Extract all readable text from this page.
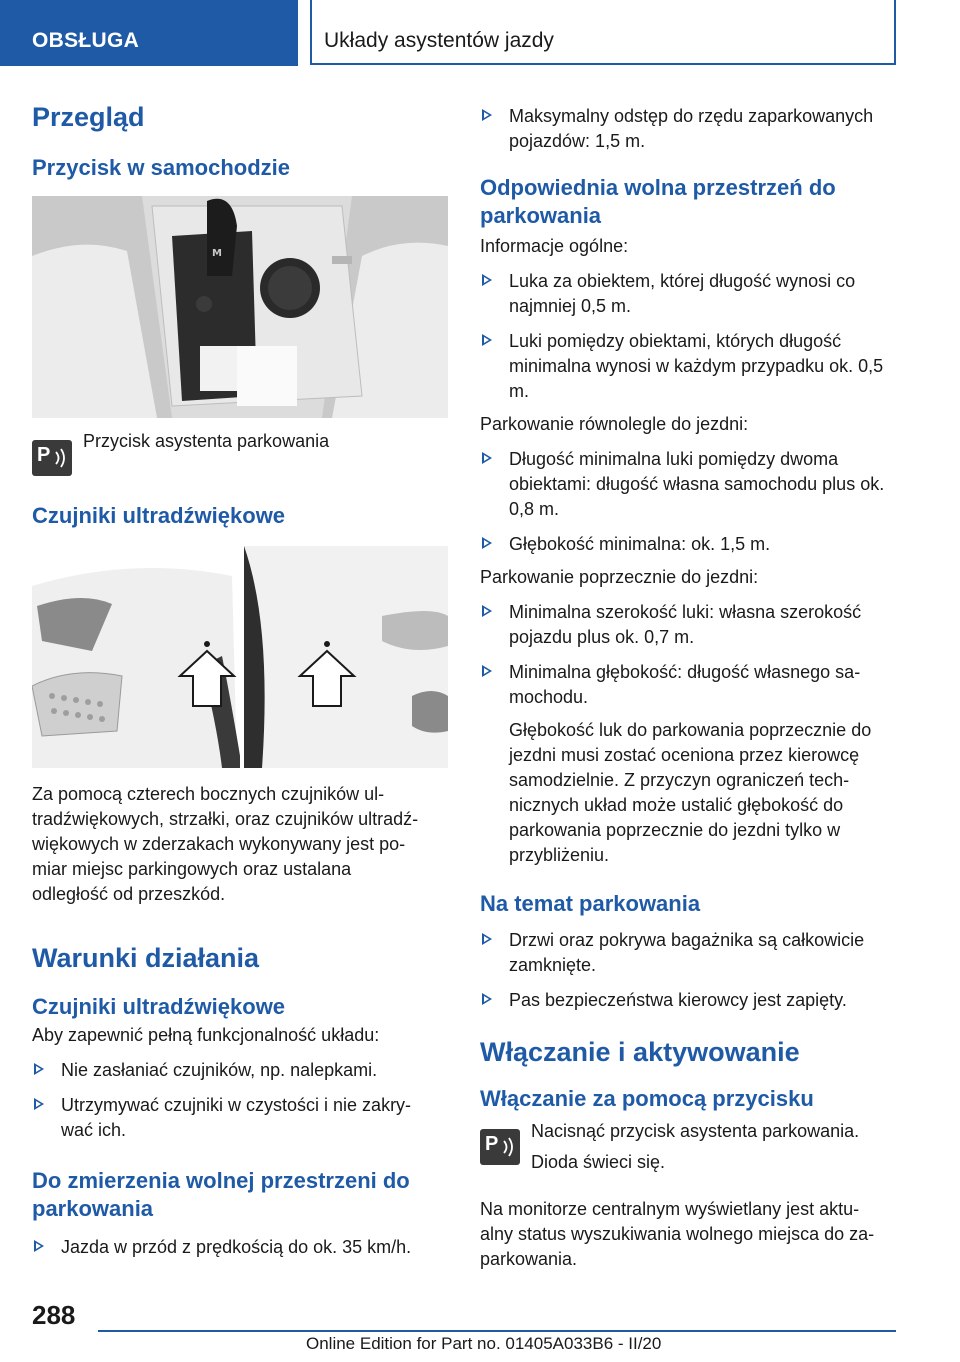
OBSŁUGA	Układy asystentów jazdy
Przegląd
Przycisk w samochodzie
M
P

Przycisk asystenta parkowania

Czujniki ultradźwiękowe

Za pomocą czterech bocznych czujników ul‐

tradźwiękowych, strzałki, oraz czujników ultradź‐

więkowych w zderzakach wykonywany jest po‐

miar miejsc parkingowych oraz ustalana

odległość od przeszkód.

Warunki działania
Czujniki ultradźwiękowe

Aby zapewnić pełną funkcjonalność układu:

Nie zasłaniać czujników, np. nalepkami.
Utrzymywać czujniki w czystości i nie zakry‐ wać ich.
Do zmierzenia wolnej przestrzeni do parkowania
Jazda w przód z prędkością do ok. 35 km/h.
Maksymalny odstęp do rzędu zaparkowanych pojazdów: 1,5 m.
Odpowiednia wolna przestrzeń do parkowania

Informacje ogólne:

Luka za obiektem, której długość wynosi co najmniej 0,5 m.
Luki pomiędzy obiektami, których długość minimalna wynosi w każdym przypadku ok. 0,5 m.

Parkowanie równolegle do jezdni:

Długość minimalna luki pomiędzy dwoma obiektami: długość własna samochodu plus ok. 0,8 m.
Głębokość minimalna: ok. 1,5 m.

Parkowanie poprzecznie do jezdni:

Minimalna szerokość luki: własna szerokość pojazdu plus ok. 0,7 m.
Minimalna głębokość: długość własnego sa‐ mochodu.

Głębokość luk do parkowania poprzecznie do jezdni musi zostać oceniona przez kierowcę samodzielnie. Z przyczyn ograniczeń tech‐ nicznych układ może ustalić głębokość do parkowania poprzecznie do jezdni tylko w przybliżeniu.

Na temat parkowania
Drzwi oraz pokrywa bagażnika są całkowicie zamknięte.
Pas bezpieczeństwa kierowcy jest zapięty.
Włączanie i aktywowanie
Włączanie za pomocą przycisku
P

Nacisnąć przycisk asystenta parkowania.

Dioda świeci się.

Na monitorze centralnym wyświetlany jest aktu‐ alny status wyszukiwania wolnego miejsca do za‐ parkowania.

288
Online Edition for Part no. 01405A033B6 - II/20
